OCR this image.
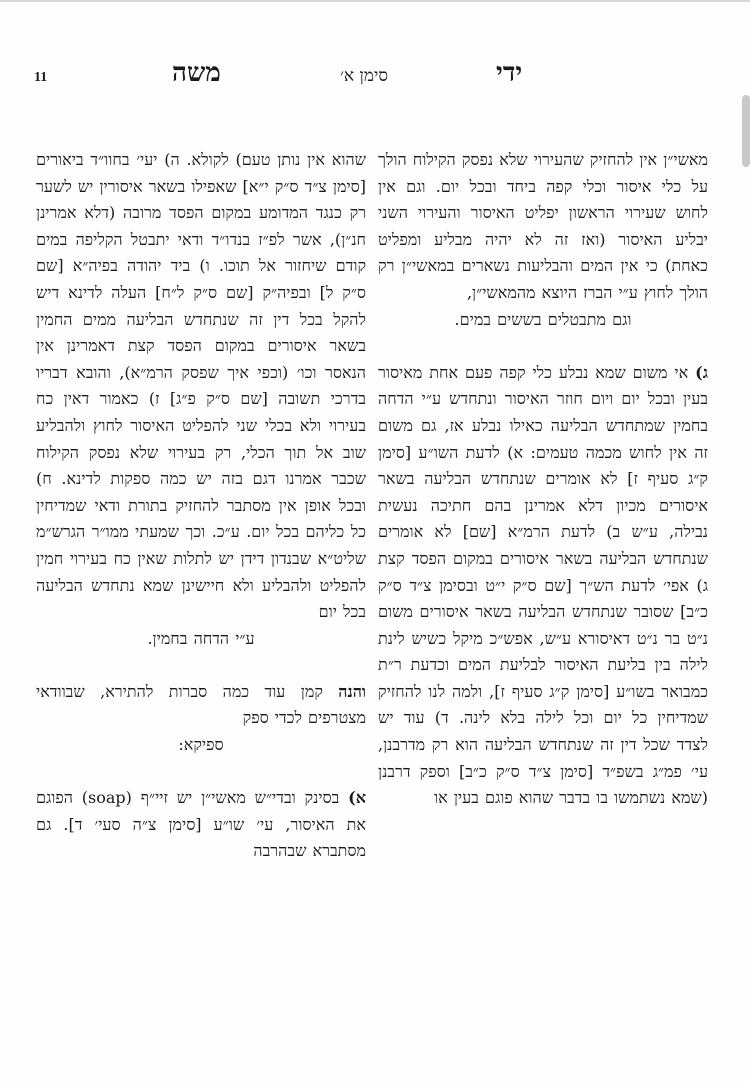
11	משה	סימן א׳	ידי

מאשי״ן אין להחזיק שהעירוי שלא נפסק הקילוח הולך על כלי איסור וכלי קפה ביחד ובכל יום. וגם אין לחוש שעירוי הראשון יפליט האיסור והעירוי השני יבליע האיסור (ואז זה לא יהיה מבליע ומפליט כאחת) כי אין המים והבליעות נשארים במאשי״ן רק הולך לחוץ ע״י הברז היוצא מהמאשי״ן,

וגם מתבטלים בששים במים.

ג) אי משום שמא נבלע כלי קפה פעם אחת מאיסור בעין ובכל יום ויום חוזר האיסור ונתחדש ע״י הדחה בחמין שמתחדש הבליעה כאילו נבלע אז, גם משום זה אין לחוש מכמה טעמים: א) לדעת השו״ע [סימן ק״ג סעיף ז] לא אומרים שנתחדש הבליעה בשאר איסורים מכיון דלא אמרינן בהם חתיכה נעשית נבילה, ע״ש ב) לדעת הרמ״א [שם] לא אומרים שנתחדש הבליעה בשאר איסורים במקום הפסד קצת ג) אפי׳ לדעת הש״ך [שם ס״ק י״ט ובסימן צ״ד ס״ק כ״ב] שסובר שנתחדש הבליעה בשאר איסורים משום נ״ט בר נ״ט דאיסורא ע״ש, אפש״כ מיקל כשיש לינת לילה בין בליעת האיסור לבליעת המים וכדעת ר״ת כמבואר בשו״ע [סימן ק״ג סעיף ז], ולמה לנו להחזיק שמדיחין כל יום וכל לילה בלא לינה. ד) עוד יש לצדד שכל דין זה שנתחדש הבליעה הוא רק מדרבנן, עי׳ פמ״ג בשפ״ד [סימן צ״ד ס״ק כ״ב] וספק דרבנן (שמא נשתמשו בו בדבר שהוא פוגם בעין או

שהוא אין נותן טעם) לקולא. ה) יעי׳ בחוו״ד ביאורים [סימן צ״ד ס״ק י״א] שאפילו בשאר איסורין יש לשער רק כנגד המדומע במקום הפסד מרובה (דלא אמרינן חנ״ן), אשר לפ״ז בנדו״ד ודאי יתבטל הקליפה במים קודם שיחזור אל תוכו. ו) ביד יהודה בפיה״א [שם ס״ק ל] ובפיה״ק [שם ס״ק ל״ח] העלה לדינא דיש להקל בכל דין זה שנתחדש הבליעה ממים החמין בשאר איסורים במקום הפסד קצת דאמרינן אין הנאסר וכו׳ (וכפי איך שפסק הרמ״א), והובא דבריו בדרכי תשובה [שם ס״ק פ״ג] ז) כאמור דאין כח בעירוי ולא בכלי שני להפליט האיסור לחוץ ולהבליע שוב אל תוך הכלי, רק בעירוי שלא נפסק הקילוח שכבר אמרנו דגם בזה יש כמה ספקות לדינא. ח) ובכל אופן אין מסתבר להחזיק בתורת ודאי שמדיחין כל כליהם בכל יום. ע״כ. וכך שמעתי ממו״ר הגרש״מ שליט״א שבנדון דידן יש לתלות שאין כח בעירוי חמין להפליט ולהבליע ולא חיישינן שמא נתחדש הבליעה בכל יום

ע״י הדחה בחמין.

והנה קמן עוד כמה סברות להתירא, שבוודאי מצטרפים לכדי ספק

ספיקא:

א) בסינק ובדי״ש מאשי״ן יש זיי״ף (soap) הפוגם את האיסור, עי׳ שו״ע [סימן צ״ה סעי׳ ד]. גם מסתברא שבהרבה
